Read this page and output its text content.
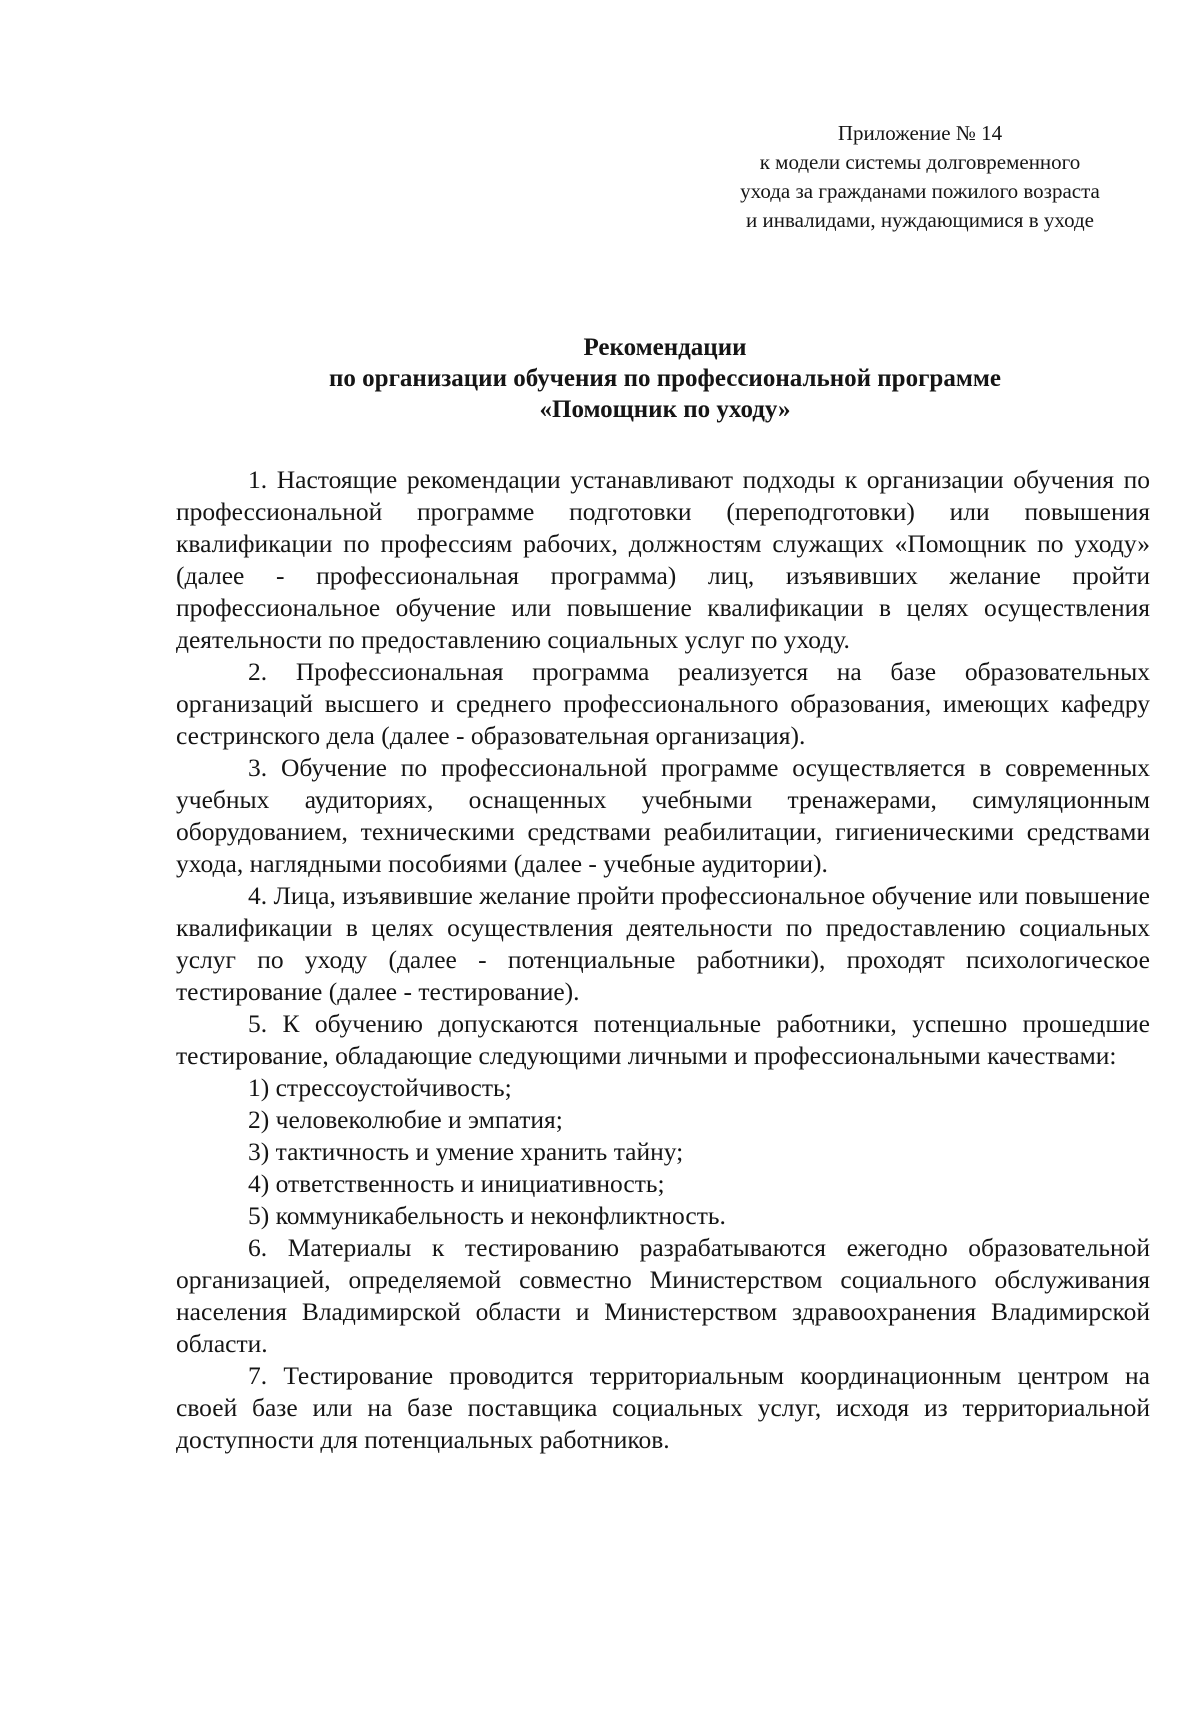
Приложение № 14
к модели системы долговременного
ухода за гражданами пожилого возраста
и инвалидами, нуждающимися в уходе
Рекомендации
по организации обучения по профессиональной программе
«Помощник по уходу»

1. Настоящие рекомендации устанавливают подходы к организации обучения по профессиональной программе подготовки (переподготовки) или повышения квалификации по профессиям рабочих, должностям служащих «Помощник по уходу» (далее - профессиональная программа) лиц, изъявивших желание пройти профессиональное обучение или повышение квалификации в целях осуществления деятельности по предоставлению социальных услуг по уходу.

2. Профессиональная программа реализуется на базе образовательных организаций высшего и среднего профессионального образования, имеющих кафедру сестринского дела (далее - образовательная организация).

3. Обучение по профессиональной программе осуществляется в современных учебных аудиториях, оснащенных учебными тренажерами, симуляционным оборудованием, техническими средствами реабилитации, гигиеническими средствами ухода, наглядными пособиями (далее - учебные аудитории).

4. Лица, изъявившие желание пройти профессиональное обучение или повышение квалификации в целях осуществления деятельности по предоставлению социальных услуг по уходу (далее - потенциальные работники), проходят психологическое тестирование (далее - тестирование).

5. К обучению допускаются потенциальные работники, успешно прошедшие тестирование, обладающие следующими личными и профессиональными качествами:

1) стрессоустойчивость;

2) человеколюбие и эмпатия;

3) тактичность и умение хранить тайну;

4) ответственность и инициативность;

5) коммуникабельность и неконфликтность.

6. Материалы к тестированию разрабатываются ежегодно образовательной организацией, определяемой совместно Министерством социального обслуживания населения Владимирской области и Министерством здравоохранения Владимирской области.

7. Тестирование проводится территориальным координационным центром на своей базе или на базе поставщика социальных услуг, исходя из территориальной доступности для потенциальных работников.
